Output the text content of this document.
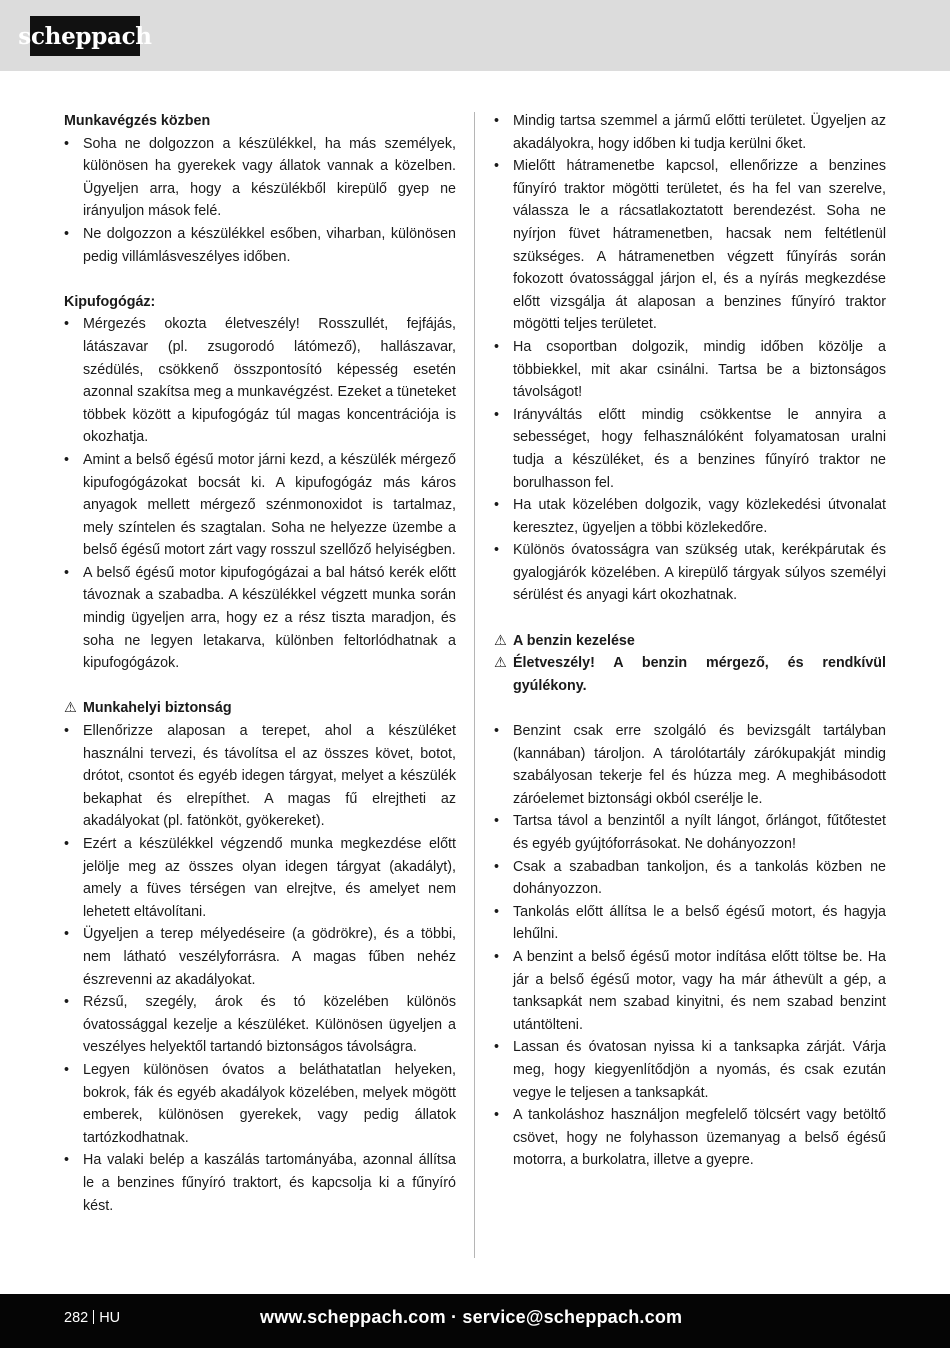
scheppach
Munkavégzés közben
• Soha ne dolgozzon a készülékkel, ha más személyek, különösen ha gyerekek vagy állatok vannak a közelben. Ügyeljen arra, hogy a készülékből kirepülő gyep ne irányuljon mások felé.
• Ne dolgozzon a készülékkel esőben, viharban, különösen pedig villámlásveszélyes időben.
Kipufogógáz:
• Mérgezés okozta életveszély! Rosszullét, fejfájás, látászavar (pl. zsugorodó látómező), hallászavar, szédülés, csökkenő összpontosító képesség esetén azonnal szakítsa meg a munkavégzést. Ezeket a tüneteket többek között a kipufogógáz túl magas koncentrációja is okozhatja.
• Amint a belső égésű motor járni kezd, a készülék mérgező kipufogógázokat bocsát ki. A kipufogógáz más káros anyagok mellett mérgező szénmonoxidot is tartalmaz, mely színtelen és szagtalan. Soha ne helyezze üzembe a belső égésű motort zárt vagy rosszul szellőző helyiségben.
• A belső égésű motor kipufogógázai a bal hátsó kerék előtt távoznak a szabadba. A készülékkel végzett munka során mindig ügyeljen arra, hogy ez a rész tiszta maradjon, és soha ne legyen letakarva, különben feltorlódhatnak a kipufogógázok.
⚠ Munkahelyi biztonság
• Ellenőrizze alaposan a terepet, ahol a készüléket használni tervezi, és távolítsa el az összes követ, botot, drótot, csontot és egyéb idegen tárgyat, melyet a készülék bekaphat és elrepíthet. A magas fű elrejtheti az akadályokat (pl. fatönköt, gyökereket).
• Ezért a készülékkel végzendő munka megkezdése előtt jelölje meg az összes olyan idegen tárgyat (akadályt), amely a füves térségen van elrejtve, és amelyet nem lehetett eltávolítani.
• Ügyeljen a terep mélyedéseire (a gödrökre), és a többi, nem látható veszélyforrásra. A magas fűben nehéz észrevenni az akadályokat.
• Rézsű, szegély, árok és tó közelében különös óvatossággal kezelje a készüléket. Különösen ügyeljen a veszélyes helyektől tartandó biztonságos távolságra.
• Legyen különösen óvatos a beláthatatlan helyeken, bokrok, fák és egyéb akadályok közelében, melyek mögött emberek, különösen gyerekek, vagy pedig állatok tartózkodhatnak.
• Ha valaki belép a kaszálás tartományába, azonnal állítsa le a benzines fűnyíró traktort, és kapcsolja ki a fűnyíró kést.
• Mindig tartsa szemmel a jármű előtti területet. Ügyeljen az akadályokra, hogy időben ki tudja kerülni őket.
• Mielőtt hátramenetbe kapcsol, ellenőrizze a benzines fűnyíró traktor mögötti területet, és ha fel van szerelve, válassza le a rácsatlakoztatott berendezést. Soha ne nyírjon füvet hátramenetben, hacsak nem feltétlenül szükséges. A hátramenetben végzett fűnyírás során fokozott óvatossággal járjon el, és a nyírás megkezdése előtt vizsgálja át alaposan a benzines fűnyíró traktor mögötti teljes területet.
• Ha csoportban dolgozik, mindig időben közölje a többiekkel, mit akar csinálni. Tartsa be a biztonságos távolságot!
• Irányváltás előtt mindig csökkentse le annyira a sebességet, hogy felhasználóként folyamatosan uralni tudja a készüléket, és a benzines fűnyíró traktor ne borulhasson fel.
• Ha utak közelében dolgozik, vagy közlekedési útvonalat keresztez, ügyeljen a többi közlekedőre.
• Különös óvatosságra van szükség utak, kerékpárutak és gyalogjárók közelében. A kirepülő tárgyak súlyos személyi sérülést és anyagi kárt okozhatnak.
⚠ A benzin kezelése
⚠ Életveszély! A benzin mérgező, és rendkívül gyúlékony.
• Benzint csak erre szolgáló és bevizsgált tartályban (kannában) tároljon. A tárolótartály zárókupakját mindig szabályosan tekerje fel és húzza meg. A meghibásodott záróelemet biztonsági okból cserélje le.
• Tartsa távol a benzintől a nyílt lángot, őrlángot, fűtőtestet és egyéb gyújtóforrásokat. Ne dohányozzon!
• Csak a szabadban tankoljon, és a tankolás közben ne dohányozzon.
• Tankolás előtt állítsa le a belső égésű motort, és hagyja lehűlni.
• A benzint a belső égésű motor indítása előtt töltse be. Ha jár a belső égésű motor, vagy ha már áthevült a gép, a tanksapkát nem szabad kinyitni, és nem szabad benzint utántölteni.
• Lassan és óvatosan nyissa ki a tanksapka zárját. Várja meg, hogy kiegyenlítődjön a nyomás, és csak ezután vegye le teljesen a tanksapkát.
• A tankoláshoz használjon megfelelő tölcsért vagy betöltő csövet, hogy ne folyhasson üzemanyag a belső égésű motorra, a burkolatra, illetve a gyepre.
282 HU	www.scheppach.com · service@scheppach.com
